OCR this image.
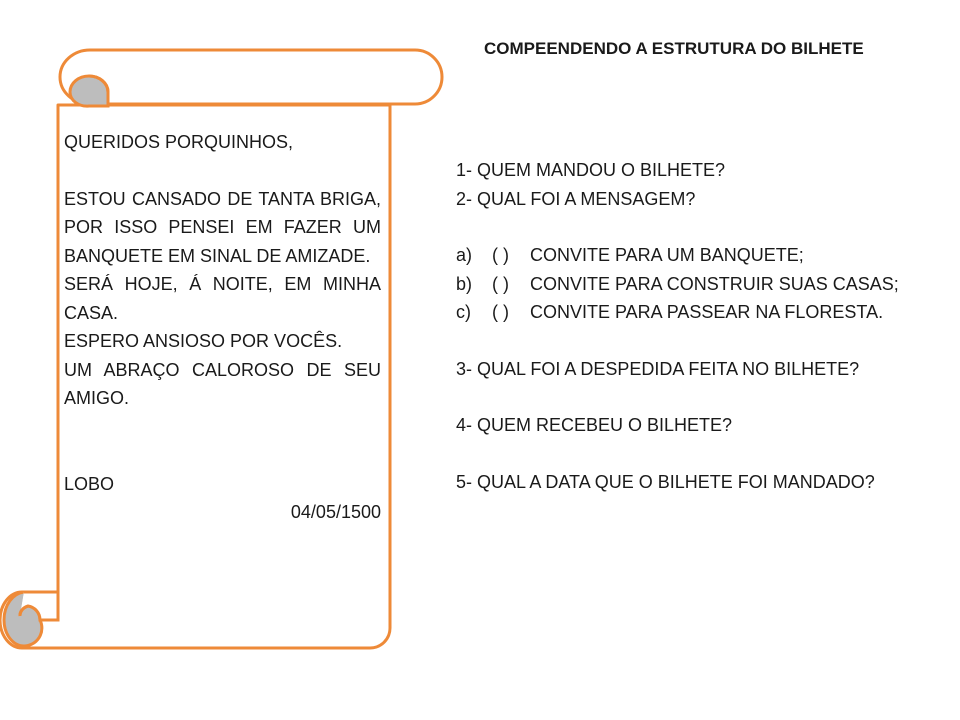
QUERIDOS PORQUINHOS,
ESTOU CANSADO DE TANTA BRIGA, POR ISSO PENSEI EM FAZER UM BANQUETE EM SINAL DE AMIZADE.
SERÁ HOJE, Á NOITE, EM MINHA CASA.
ESPERO ANSIOSO POR VOCÊS.
UM ABRAÇO CALOROSO DE SEU AMIGO.
LOBO
04/05/1500
COMPEENDENDO A ESTRUTURA DO BILHETE
1- QUEM MANDOU O BILHETE?
2- QUAL FOI A MENSAGEM?
a)	( )	CONVITE PARA UM BANQUETE;
b)	( )	CONVITE PARA CONSTRUIR SUAS CASAS;
c)	( )	CONVITE PARA PASSEAR NA FLORESTA.
3- QUAL FOI A DESPEDIDA FEITA NO BILHETE?
4- QUEM RECEBEU O BILHETE?
5- QUAL A DATA QUE O BILHETE FOI MANDADO?
